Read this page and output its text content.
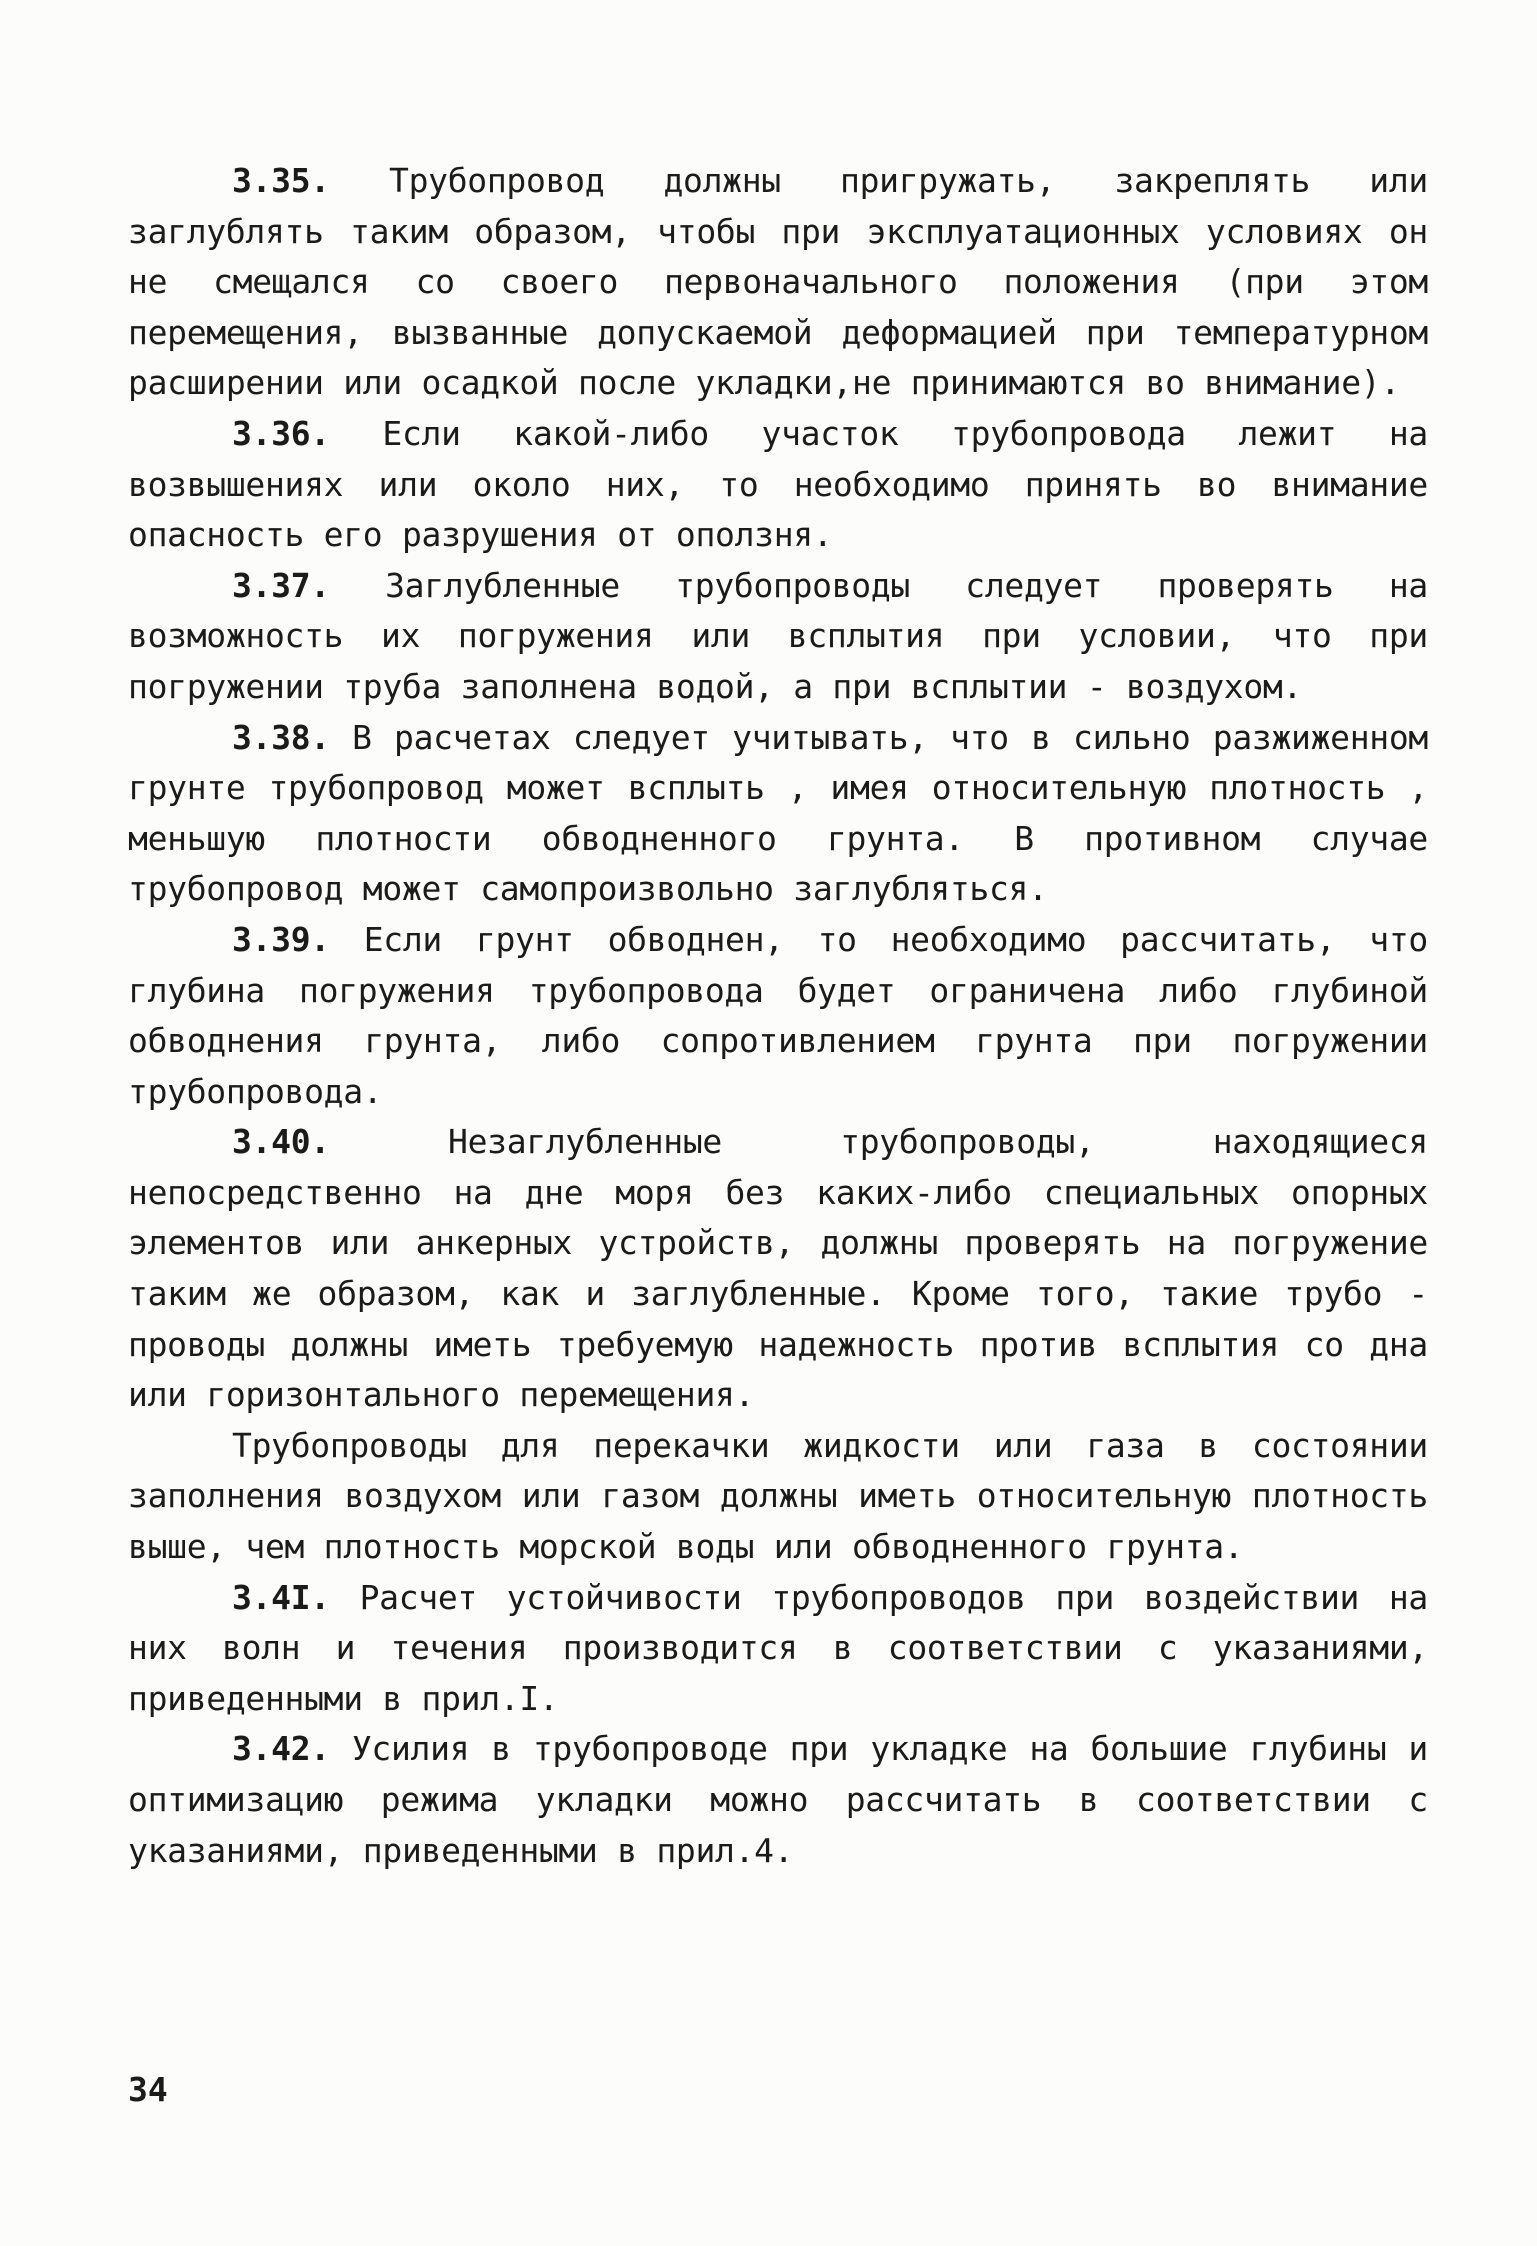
3.35. Трубопровод должны пригружать, закреплять или заглублять таким образом, чтобы при эксплуатационных условиях он не смещался со своего первоначального положения (при этом перемещения, вызванные допускаемой деформацией при температурном расширении или осадкой после укладки,не принимаются во внимание).

3.36. Если какой-либо участок трубопровода лежит на возвышениях или около них, то необходимо принять во внимание опасность его разрушения от оползня.

3.37. Заглубленные трубопроводы следует проверять на возможность их погружения или всплытия при условии, что при погружении труба заполнена водой, а при всплытии - воздухом.

3.38. В расчетах следует учитывать, что в сильно разжиженном грунте трубопровод может всплыть , имея относительную плотность , меньшую плотности обводненного грунта. В противном случае трубопровод может самопроизвольно заглубляться.

3.39. Если грунт обводнен, то необходимо рассчитать, что глубина погружения трубопровода будет ограничена либо глубиной обводнения грунта, либо сопротивлением грунта при погружении трубопровода.

3.40.	Незаглубленные трубопроводы, находящиеся непосредственно на дне моря без каких-либо специальных опорных элементов или анкерных устройств, должны проверять на погружение таким же образом, как и заглубленные. Кроме того, такие трубо - проводы должны иметь требуемую надежность против всплытия со дна или горизонтального перемещения.

Трубопроводы для перекачки жидкости или газа в состоянии заполнения воздухом или газом должны иметь относительную плотность выше, чем плотность морской воды или обводненного грунта.

3.4I. Расчет устойчивости трубопроводов при воздействии на них волн и течения производится в соответствии с указаниями, приведенными в прил.I.

3.42. Усилия в трубопроводе при укладке на большие глубины и оптимизацию режима укладки можно рассчитать в соответствии с указаниями, приведенными в прил.4.

34
